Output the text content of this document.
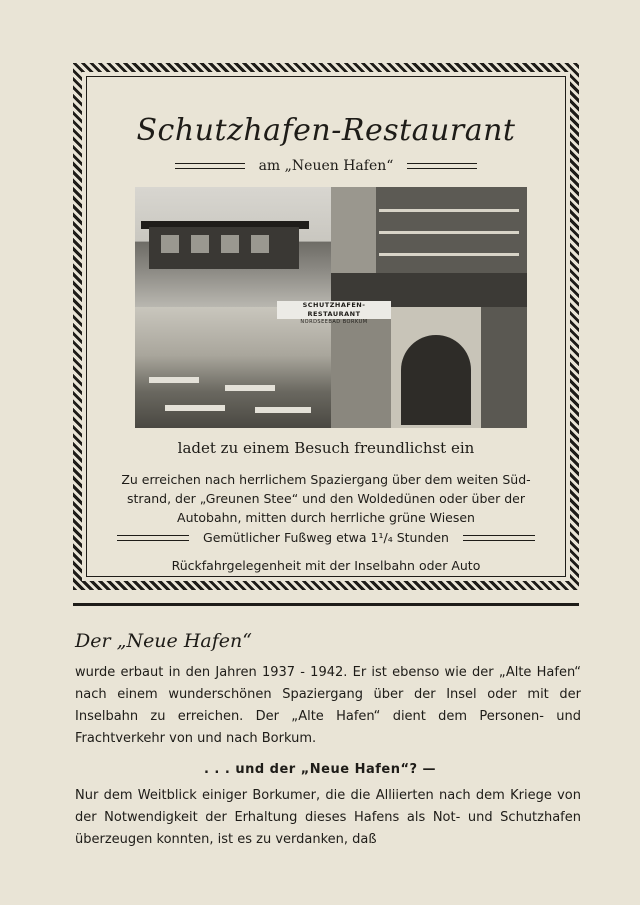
Schutzhafen-Restaurant
am „Neuen Hafen“
SCHUTZHAFEN-RESTAURANT
NORDSEEBAD BORKUM
ladet zu einem Besuch freundlichst ein
Zu erreichen nach herrlichem Spaziergang über dem weiten Süd-strand, der „Greunen Stee“ und den Woldedünen oder über der Autobahn, mitten durch herrliche grüne Wiesen
Gemütlicher Fußweg etwa 1¹/₄ Stunden
Rückfahrgelegenheit mit der Inselbahn oder Auto
Der „Neue Hafen“
wurde erbaut in den Jahren 1937 - 1942. Er ist ebenso wie der „Alte Hafen“ nach einem wunderschönen Spaziergang über der Insel oder mit der Inselbahn zu erreichen. Der „Alte Hafen“ dient dem Personen- und Frachtverkehr von und nach Borkum.
. . . und der „Neue Hafen“? —
Nur dem Weitblick einiger Borkumer, die die Alliierten nach dem Kriege von der Notwendigkeit der Erhaltung dieses Hafens als Not- und Schutzhafen überzeugen konnten, ist es zu verdanken, daß
